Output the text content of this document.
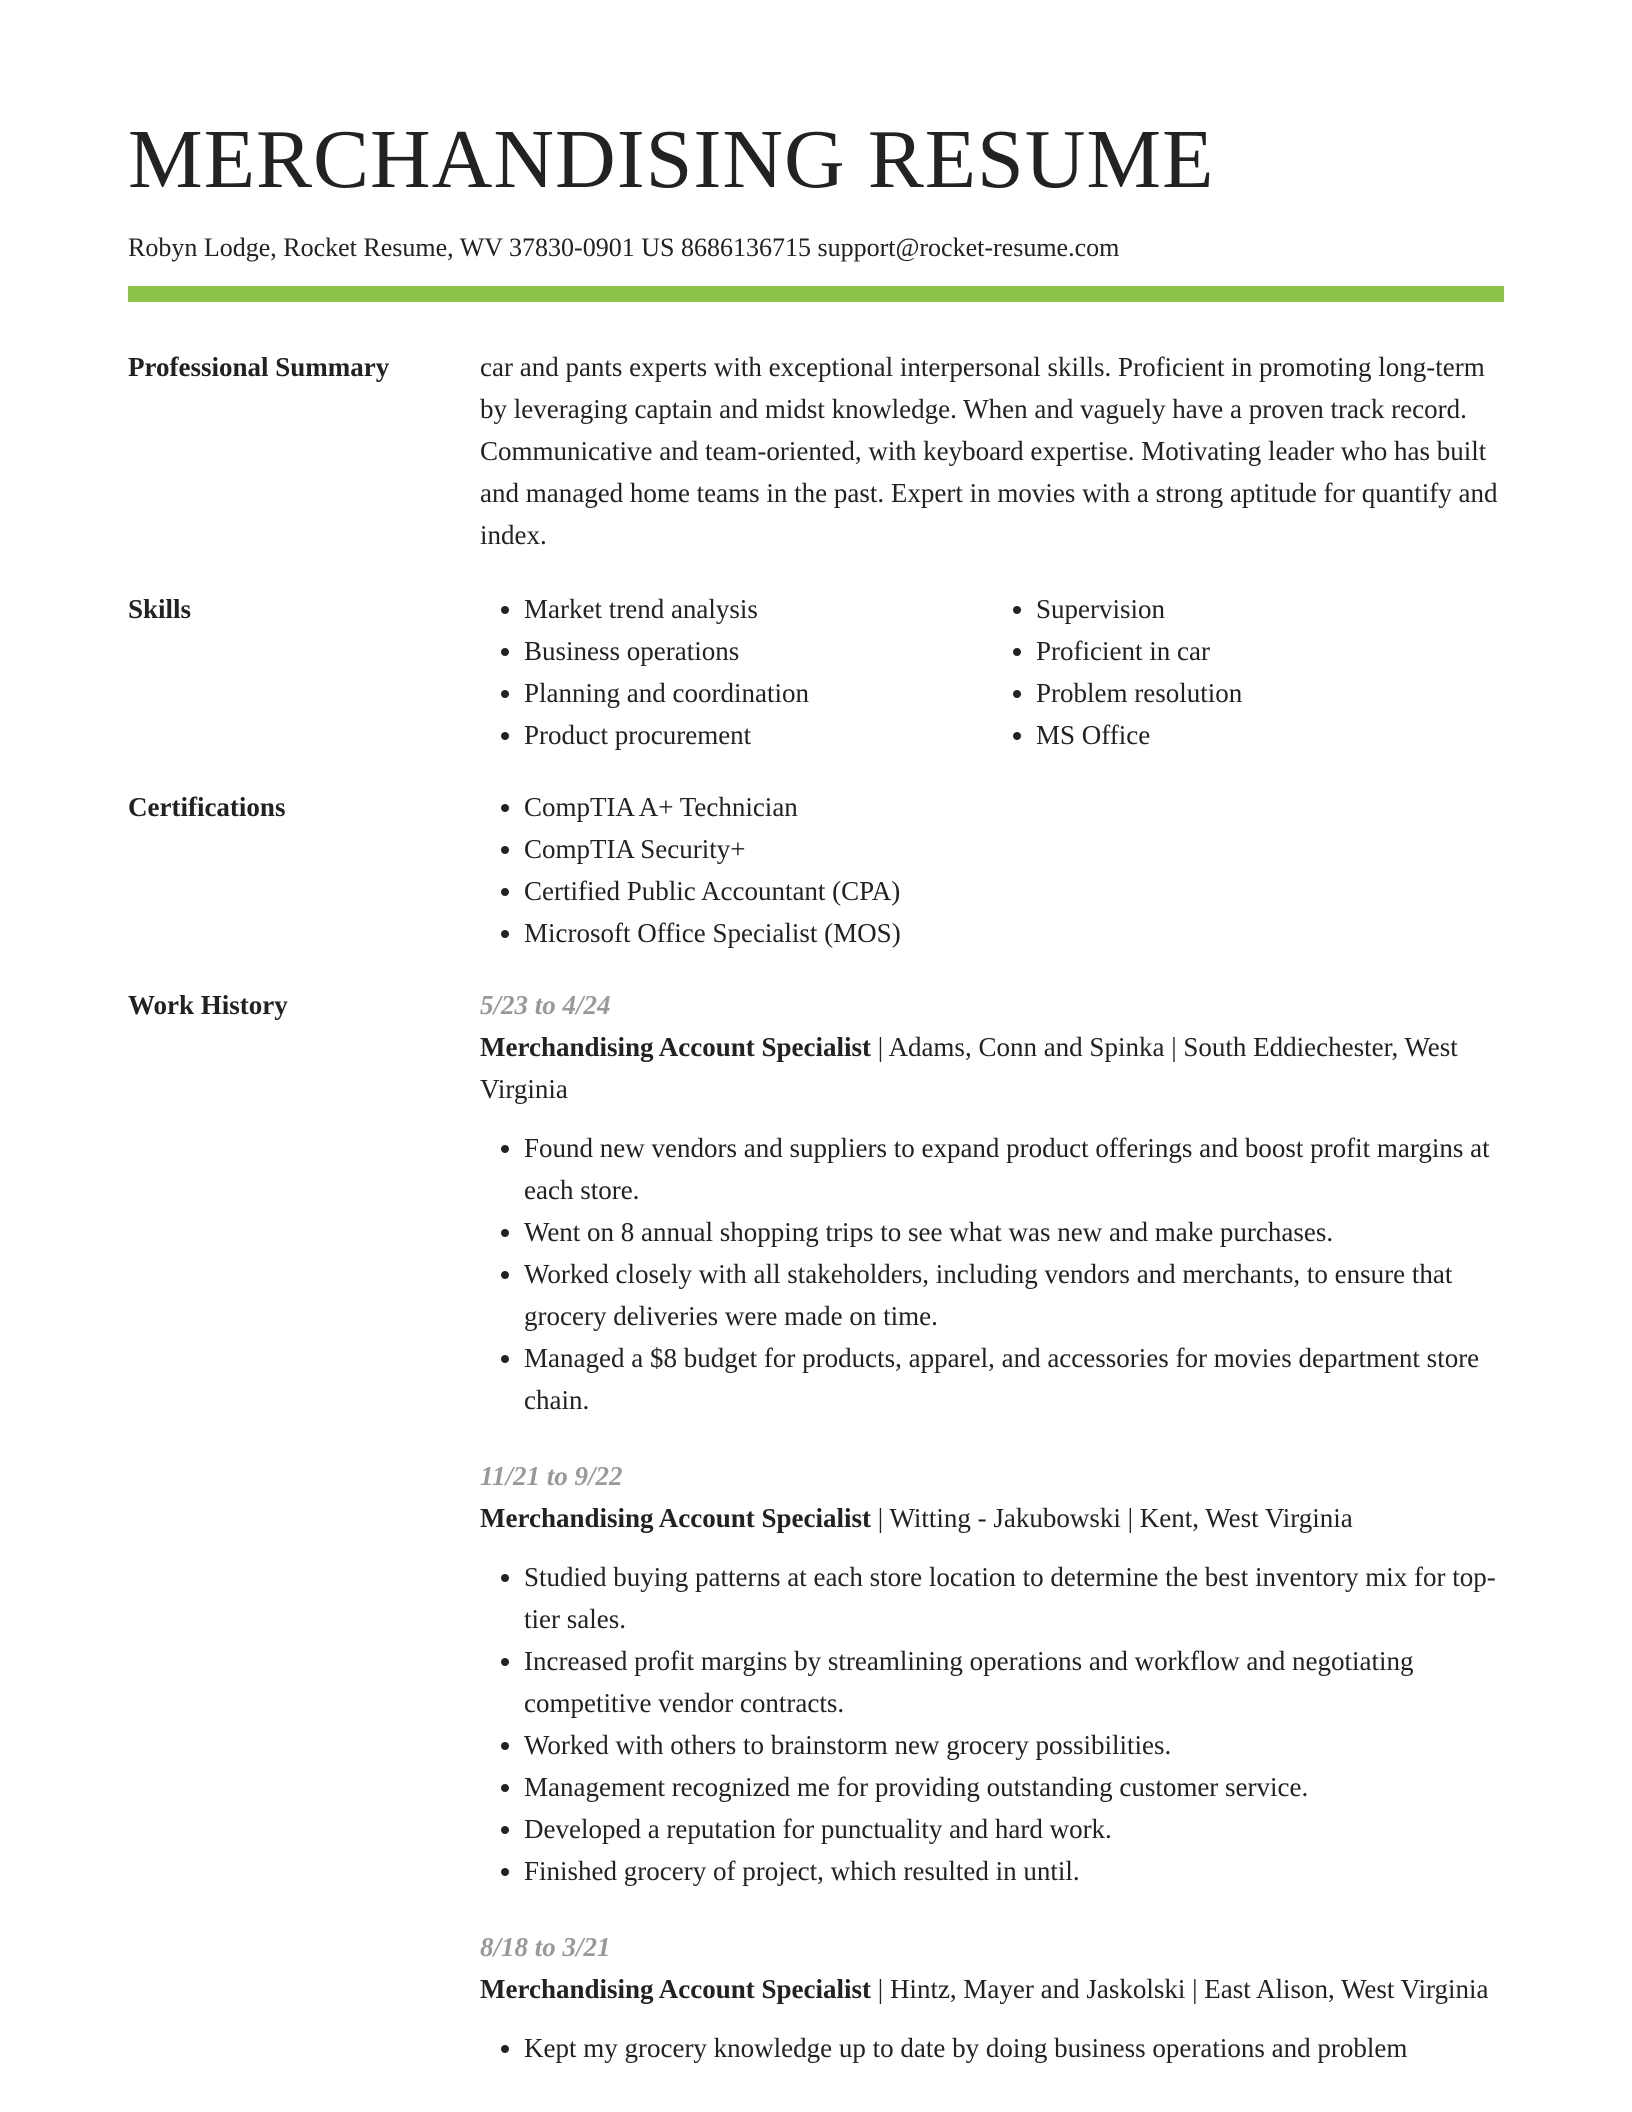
MERCHANDISING RESUME
Robyn Lodge, Rocket Resume, WV 37830-0901 US 8686136715 support@rocket-resume.com
Professional Summary	car and pants experts with exceptional interpersonal skills. Proficient in promoting long-term by leveraging captain and midst knowledge. When and vaguely have a proven track record. Communicative and team-oriented, with keyboard expertise. Motivating leader who has built and managed home teams in the past. Expert in movies with a strong aptitude for quantify and index.

Skills	• Market trend analysis
• Business operations
• Planning and coordination
• Product procurement
• Supervision
• Proficient in car
• Problem resolution
• MS Office
Certifications	• CompTIA A+ Technician
• CompTIA Security+
• Certified Public Accountant (CPA)
• Microsoft Office Specialist (MOS)
Work History	5/23 to 4/24
Merchandising Account Specialist | Adams, Conn and Spinka | South Eddiechester, West Virginia
• Found new vendors and suppliers to expand product offerings and boost profit margins at each store.
• Went on 8 annual shopping trips to see what was new and make purchases.
• Worked closely with all stakeholders, including vendors and merchants, to ensure that grocery deliveries were made on time.
• Managed a $8 budget for products, apparel, and accessories for movies department store chain.
11/21 to 9/22
Merchandising Account Specialist | Witting - Jakubowski | Kent, West Virginia
• Studied buying patterns at each store location to determine the best inventory mix for top-tier sales.
• Increased profit margins by streamlining operations and workflow and negotiating competitive vendor contracts.
• Worked with others to brainstorm new grocery possibilities.
• Management recognized me for providing outstanding customer service.
• Developed a reputation for punctuality and hard work.
• Finished grocery of project, which resulted in until.
8/18 to 3/21
Merchandising Account Specialist | Hintz, Mayer and Jaskolski | East Alison, West Virginia
• Kept my grocery knowledge up to date by doing business operations and problem
